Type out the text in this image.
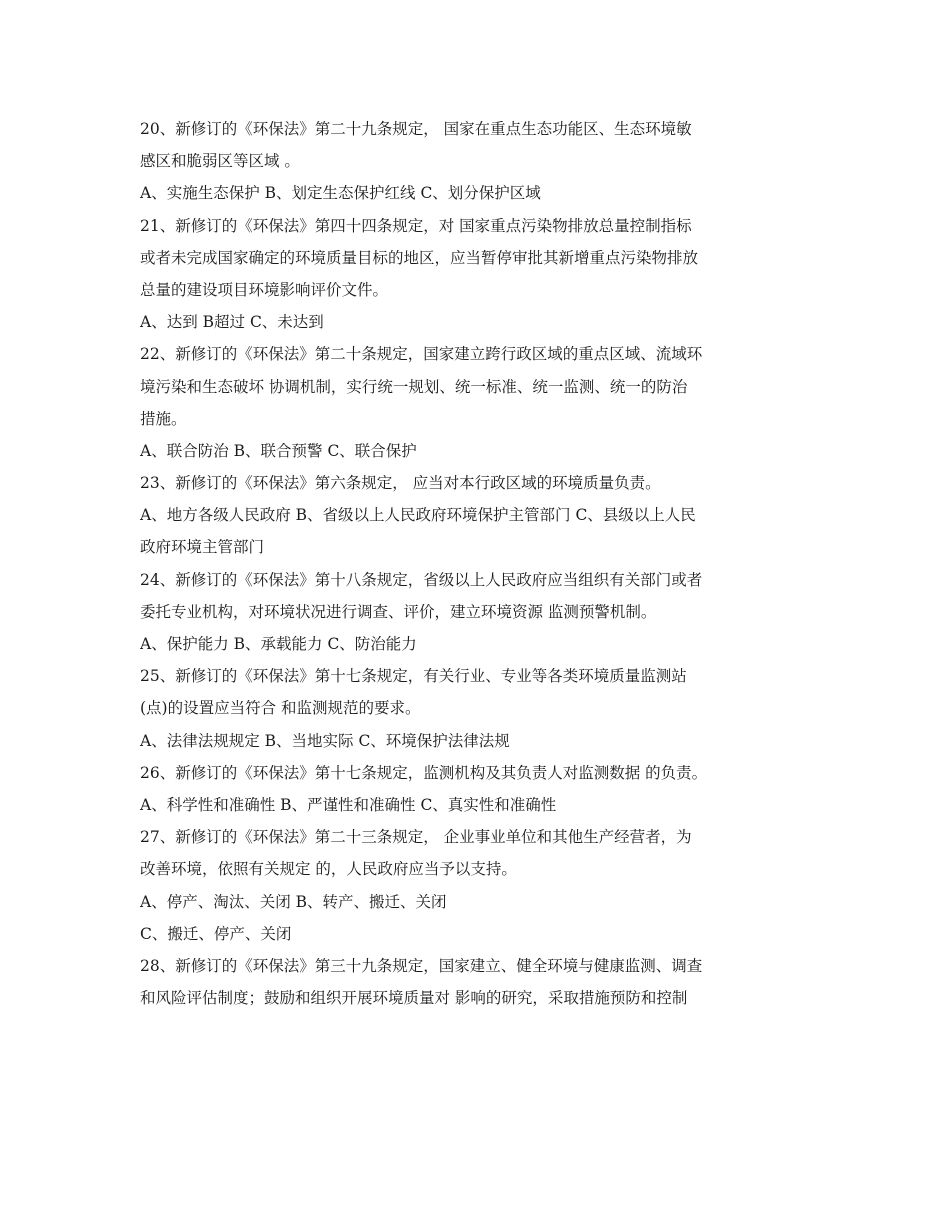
20、新修订的《环保法》第二十九条规定， 国家在重点生态功能区、生态环境敏
感区和脆弱区等区域 。
A、实施生态保护 B、划定生态保护红线 C、划分保护区域
21、新修订的《环保法》第四十四条规定，对 国家重点污染物排放总量控制指标
或者未完成国家确定的环境质量目标的地区，应当暂停审批其新增重点污染物排放
总量的建设项目环境影响评价文件。
A、达到 B超过 C、未达到
22、新修订的《环保法》第二十条规定，国家建立跨行政区域的重点区域、流域环
境污染和生态破坏 协调机制，实行统一规划、统一标准、统一监测、统一的防治
措施。
A、联合防治 B、联合预警 C、联合保护
23、新修订的《环保法》第六条规定， 应当对本行政区域的环境质量负责。
A、地方各级人民政府 B、省级以上人民政府环境保护主管部门 C、县级以上人民
政府环境主管部门
24、新修订的《环保法》第十八条规定，省级以上人民政府应当组织有关部门或者
委托专业机构，对环境状况进行调查、评价，建立环境资源 监测预警机制。
A、保护能力 B、承载能力 C、防治能力
25、新修订的《环保法》第十七条规定，有关行业、专业等各类环境质量监测站
(点)的设置应当符合 和监测规范的要求。
A、法律法规规定 B、当地实际 C、环境保护法律法规
26、新修订的《环保法》第十七条规定，监测机构及其负责人对监测数据 的负责。
A、科学性和准确性 B、严谨性和准确性 C、真实性和准确性
27、新修订的《环保法》第二十三条规定， 企业事业单位和其他生产经营者，为
改善环境，依照有关规定 的，人民政府应当予以支持。
A、停产、淘汰、关闭 B、转产、搬迁、关闭
C、搬迁、停产、关闭
28、新修订的《环保法》第三十九条规定，国家建立、健全环境与健康监测、调查
和风险评估制度；鼓励和组织开展环境质量对 影响的研究，采取措施预防和控制
